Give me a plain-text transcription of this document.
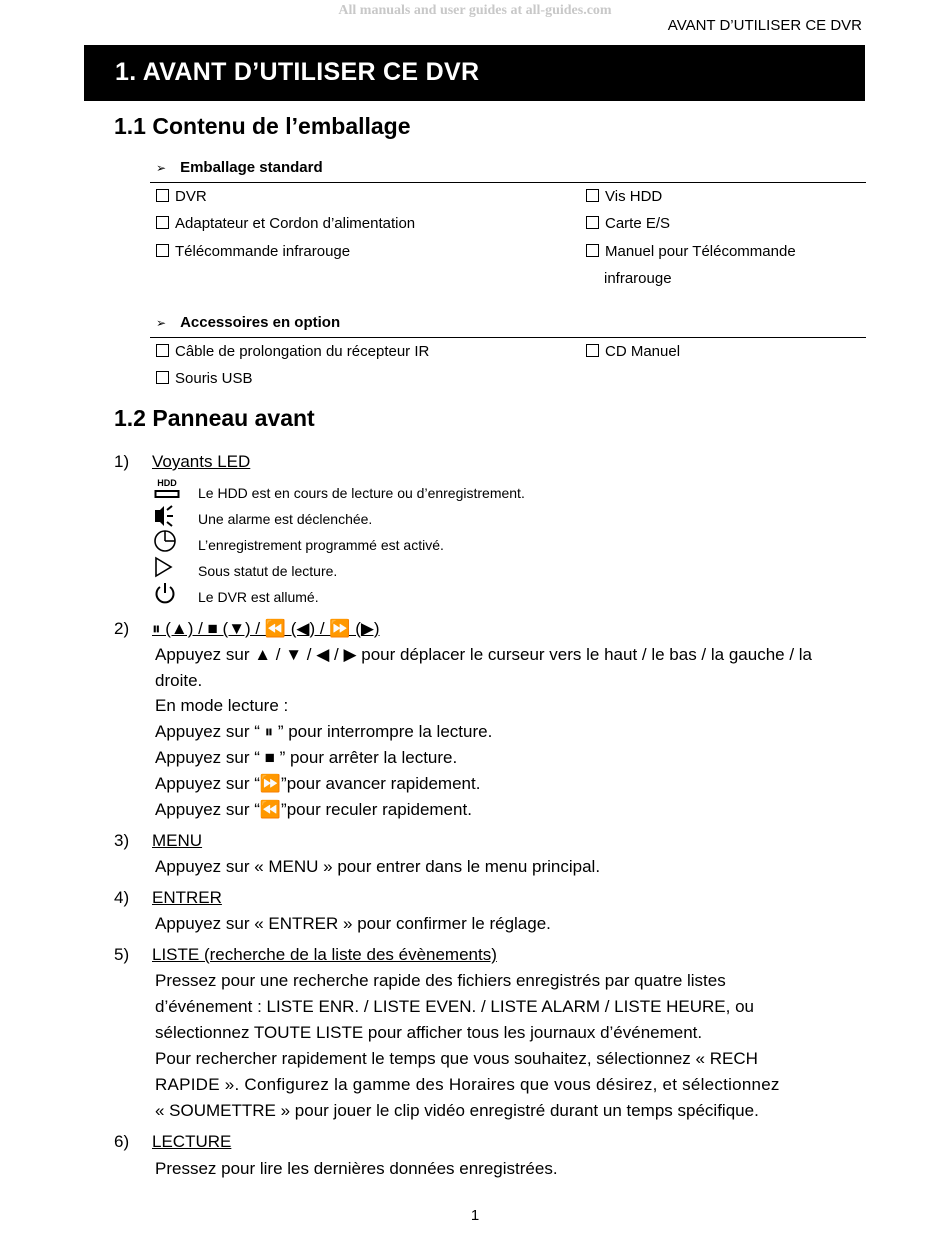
All manuals and user guides at all-guides.com
AVANT D’UTILISER CE DVR
1. AVANT D’UTILISER CE DVR
1.1 Contenu de l’emballage
➢ Emballage standard
DVR
Adaptateur et Cordon d’alimentation
Télécommande infrarouge
Vis HDD
Carte E/S
Manuel pour Télécommande
infrarouge
➢ Accessoires en option
Câble de prolongation du récepteur IR
Souris USB
CD Manuel
1.2 Panneau avant
1) Voyants LED
HDD
Le HDD est en cours de lecture ou d’enregistrement.
Une alarme est déclenchée.
L’enregistrement programmé est activé.
Sous statut de lecture.
Le DVR est allumé.
2) ⏸ (▲) / ■ (▼) / ⏪ (◀) / ⏩ (▶)
Appuyez sur ▲ / ▼ / ◀ / ▶ pour déplacer le curseur vers le haut / le bas / la gauche / la
droite.
En mode lecture :
Appuyez sur “ ⏸ ” pour interrompre la lecture.
Appuyez sur “ ■ ” pour arrêter la lecture.
Appuyez sur “⏩”pour avancer rapidement.
Appuyez sur “⏪”pour reculer rapidement.
3) MENU
Appuyez sur « MENU » pour entrer dans le menu principal.
4) ENTRER
Appuyez sur « ENTRER » pour confirmer le réglage.
5) LISTE (recherche de la liste des évènements)
Pressez pour une recherche rapide des fichiers enregistrés par quatre listes
d’événement : LISTE ENR. / LISTE EVEN. / LISTE ALARM / LISTE HEURE, ou
sélectionnez TOUTE LISTE pour afficher tous les journaux d’événement.
Pour rechercher rapidement le temps que vous souhaitez, sélectionnez « RECH
RAPIDE ». Configurez la gamme des Horaires que vous désirez, et sélectionnez
« SOUMETTRE » pour jouer le clip vidéo enregistré durant un temps spécifique.
6) LECTURE
Pressez pour lire les dernières données enregistrées.
1
